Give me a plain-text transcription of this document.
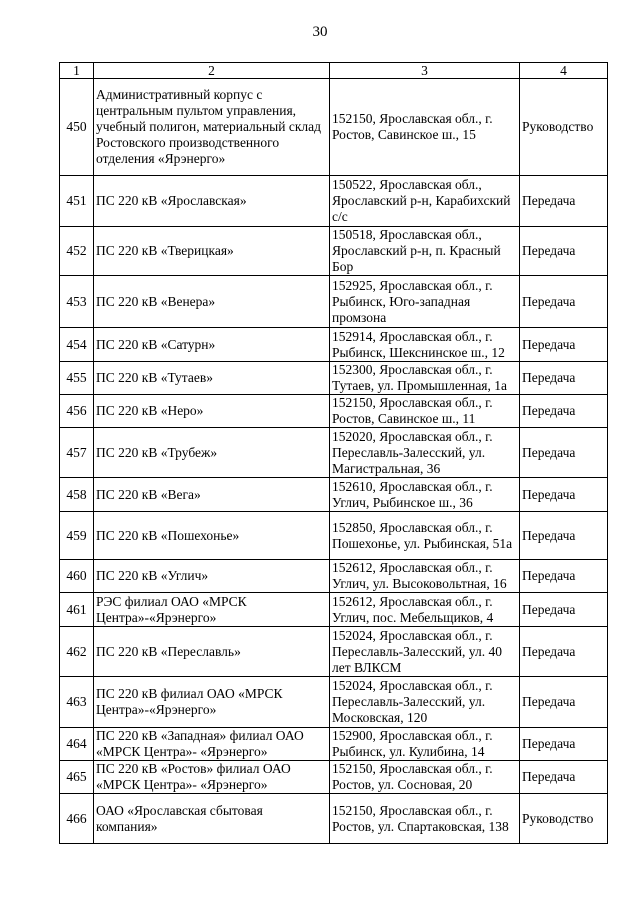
30
1	2	3	4
450	Административный корпус с центральным пультом управления, учебный полигон, материальный склад Ростовского производственного отделения «Ярэнерго»	152150, Ярославская обл., г. Ростов, Савинское ш., 15	Руководство
451	ПС 220 кВ «Ярославская»	150522, Ярославская обл., Ярославский р-н, Карабихский с/с	Передача
452	ПС 220 кВ «Тверицкая»	150518, Ярославская обл., Ярославский р-н, п. Красный Бор	Передача
453	ПС 220 кВ «Венера»	152925, Ярославская обл., г. Рыбинск, Юго-западная промзона	Передача
454	ПС 220 кВ «Сатурн»	152914, Ярославская обл., г. Рыбинск, Шекснинское ш., 12	Передача
455	ПС 220 кВ «Тутаев»	152300, Ярославская обл., г. Тутаев, ул. Промышленная, 1а	Передача
456	ПС 220 кВ «Неро»	152150, Ярославская обл., г. Ростов, Савинское ш., 11	Передача
457	ПС 220 кВ «Трубеж»	152020, Ярославская обл., г. Переславль-Залесский, ул. Магистральная, 36	Передача
458	ПС 220 кВ «Вега»	152610, Ярославская обл., г. Углич, Рыбинское ш., 36	Передача
459	ПС 220 кВ «Пошехонье»	152850, Ярославская обл., г. Пошехонье, ул. Рыбинская, 51а	Передача
460	ПС 220 кВ «Углич»	152612, Ярославская обл., г. Углич, ул. Высоковольтная, 16	Передача
461	РЭС филиал ОАО «МРСК Центра»-«Ярэнерго»	152612, Ярославская обл., г. Углич, пос. Мебельщиков, 4	Передача
462	ПС 220 кВ «Переславль»	152024, Ярославская обл., г. Переславль-Залесский, ул. 40 лет ВЛКСМ	Передача
463	ПС 220 кВ филиал ОАО «МРСК Центра»-«Ярэнерго»	152024, Ярославская обл., г. Переславль-Залесский, ул. Московская, 120	Передача
464	ПС 220 кВ «Западная» филиал ОАО «МРСК Центра»- «Ярэнерго»	152900, Ярославская обл., г. Рыбинск, ул. Кулибина, 14	Передача
465	ПС 220 кВ «Ростов» филиал ОАО «МРСК Центра»- «Ярэнерго»	152150, Ярославская обл., г. Ростов, ул. Сосновая, 20	Передача
466	ОАО «Ярославская сбытовая компания»	152150, Ярославская обл., г. Ростов, ул. Спартаковская, 138	Руководство
